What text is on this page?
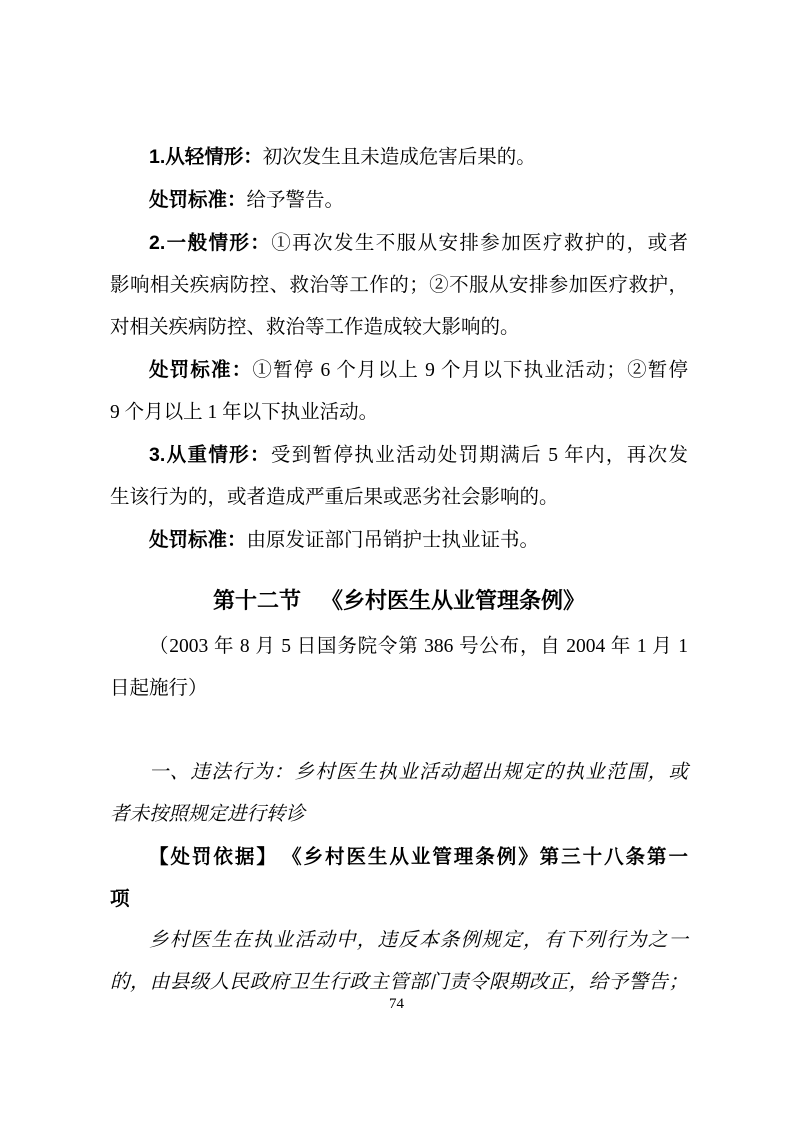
1.从轻情形：初次发生且未造成危害后果的。
处罚标准：给予警告。
2.一般情形：①再次发生不服从安排参加医疗救护的，或者
影响相关疾病防控、救治等工作的；②不服从安排参加医疗救护，
对相关疾病防控、救治等工作造成较大影响的。
处罚标准：①暂停 6 个月以上 9 个月以下执业活动；②暂停
9 个月以上 1 年以下执业活动。
3.从重情形：受到暂停执业活动处罚期满后 5 年内，再次发
生该行为的，或者造成严重后果或恶劣社会影响的。
处罚标准：由原发证部门吊销护士执业证书。
第十二节 《乡村医生从业管理条例》
（2003 年 8 月 5 日国务院令第 386 号公布，自 2004 年 1 月 1
日起施行）
一、违法行为：乡村医生执业活动超出规定的执业范围，或
者未按照规定进行转诊
【处罚依据】 《乡村医生从业管理条例》第三十八条第一
项
乡村医生在执业活动中，违反本条例规定，有下列行为之一
的，由县级人民政府卫生行政主管部门责令限期改正，给予警告；
74
